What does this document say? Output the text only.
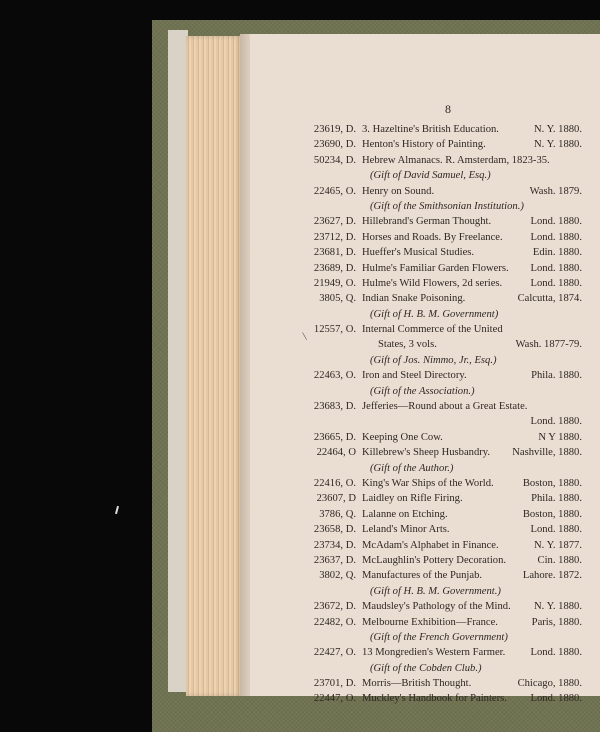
8
23619, D. 3. Hazeltine's British Education.	N. Y. 1880.
23690, D. Henton's History of Painting.	N. Y. 1880.
50234, D. Hebrew Almanacs. R. Amsterdam, 1823-35.
(Gift of David Samuel, Esq.)
22465, O. Henry on Sound.	Wash. 1879.
(Gift of the Smithsonian Institution.)
23627, D. Hillebrand's German Thought.	Lond. 1880.
23712, D. Horses and Roads. By Freelance.	Lond. 1880.
23681, D. Hueffer's Musical Studies.	Edin. 1880.
23689, D. Hulme's Familiar Garden Flowers. Lond. 1880.
21949, O. Hulme's Wild Flowers, 2d series.	Lond. 1880.
3805, Q. Indian Snake Poisoning.	Calcutta, 1874.
(Gift of H. B. M. Government)
12557, O. Internal Commerce of the United
States, 3 vols.	Wash. 1877-79.
(Gift of Jos. Nimmo, Jr., Esq.)
22463, O. Iron and Steel Directory.	Phila. 1880.
(Gift of the Association.)
23683, D. Jefferies—Round about a Great Estate.
Lond. 1880.
23665, D. Keeping One Cow.	N Y 1880.
22464, O Killebrew's Sheep Husbandry. Nashville, 1880.
(Gift of the Author.)
22416, O. King's War Ships of the World.	Boston, 1880.
23607, D Laidley on Rifle Firing.	Phila. 1880.
3786, Q. Lalanne on Etching.	Boston, 1880.
23658, D. Leland's Minor Arts.	Lond. 1880.
23734, D. McAdam's Alphabet in Finance.	N. Y. 1877.
23637, D. McLaughlin's Pottery Decoration.	Cin. 1880.
3802, Q. Manufactures of the Punjab.	Lahore. 1872.
(Gift of H. B. M. Government.)
23672, D. Maudsley's Pathology of the Mind. N. Y. 1880.
22482, O. Melbourne Exhibition—France.	Paris, 1880.
(Gift of the French Government)
22427, O. 13 Mongredien's Western Farmer. Lond. 1880.
(Gift of the Cobden Club.)
23701, D. Morris—British Thought.	Chicago, 1880.
22447, O. Muckley's Handbook for Painters. Lond. 1880.
\
